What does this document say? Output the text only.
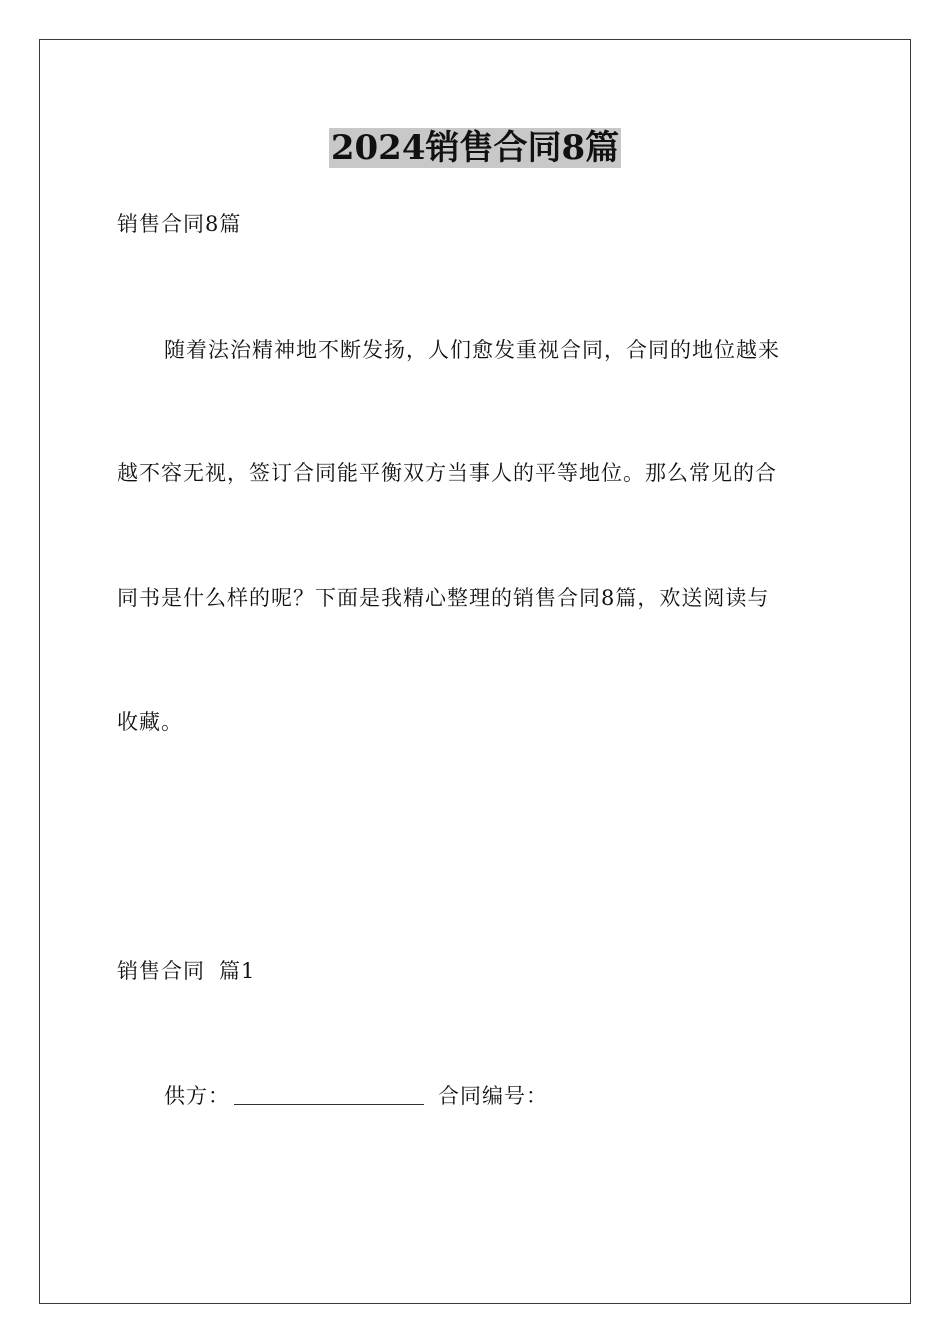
2024销售合同8篇
销售合同8篇
随着法治精神地不断发扬，人们愈发重视合同，合同的地位越来
越不容无视，签订合同能平衡双方当事人的平等地位。那么常见的合
同书是什么样的呢？下面是我精心整理的销售合同8篇，欢送阅读与
收藏。
销售合同 篇1
供方：	合同编号：
